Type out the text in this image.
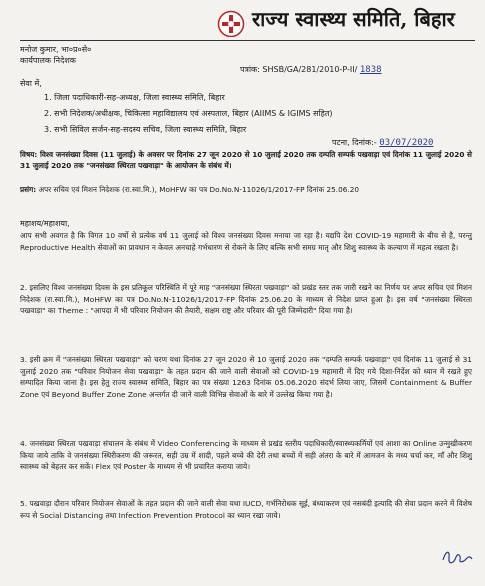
राज्य स्वास्थ्य समिति, बिहार
मनोज कुमार, भा०प्र०से०
कार्यपालक निदेशक
पत्रांक: SHSB/GA/281/2010-P-II/ 1838
सेवा में,
1. जिला पदाधिकारी-सह-अध्यक्ष, जिला स्वास्थ्य समिति, बिहार
2. सभी निदेशक/अधीक्षक, चिकित्सा महाविद्यालय एवं अस्पताल, बिहार (AIIMS & IGIMS सहित)
3. सभी सिविल सर्जन-सह-सदस्य सचिव, जिला स्वास्थ्य समिति, बिहार
पटना, दिनांक:- 03/07/2020
विषय: विश्व जनसंख्या दिवस (11 जुलाई) के अवसर पर दिनांक 27 जून 2020 से 10 जुलाई 2020 तक दम्पति सम्पर्क पखवाड़ा एवं दिनांक 11 जुलाई 2020 से 31 जुलाई 2020 तक "जनसंख्या स्थिरता पखवाड़ा" के आयोजन के संबंध में।
प्रसंग: अपर सचिव एवं मिशन निदेशक (रा.स्वा.मि.), MoHFW का पत्र Do.No.N-11026/1/2017-FP दिनांक 25.06.20
महाशय/महाशया,
आप सभी अवगत है कि विगत 10 वर्षो से प्रत्येक वर्ष 11 जुलाई को विश्व जनसंख्या दिवस मनाया जा रहा है। यद्यपि देश COVID-19 महामारी के बीच से है, परन्तु Reproductive Health सेवाओं का प्रावधान न केवल अनचाहे गर्भधारण से रोकने के लिए बल्कि सभी समग्र मातृ और शिशु स्वास्थ्य के कल्याण में महत्व रखता है।
2. इसलिए विश्व जनसंख्या दिवस के इस प्रतिकूल परिस्थिति में पूरे माह "जनसंख्या स्थिरता पखवाड़ा" को प्रखंड स्तर तक जारी रखने का निर्णय पर अपर सचिव एवं मिशन निदेशक (रा.स्वा.मि.), MoHFW का पत्र Do.No.N-11026/1/2017-FP दिनांक 25.06.20 के माध्यम से निदेश प्राप्त हुआ है। इस वर्ष "जनसंख्या स्थिरता पखवाड़ा" का Theme : "आपदा में भी परिवार नियोजन की तैयारी, सक्षम राष्ट्र और परिवार की पूरी जिम्मेदारी" दिया गया है।
3. इसी क्रम में "जनसंख्या स्थिरता पखवाड़ा" को चरण यथा दिनांक 27 जून 2020 से 10 जुलाई 2020 तक "दम्पति सम्पर्क पखवाड़ा" एवं दिनांक 11 जुलाई से 31 जुलाई 2020 तक "परिवार नियोजन सेवा पखवाड़ा" के तहत प्रदान की जाने वाली सेवाओं को COVID-19 महामारी में दिए गये दिशा-निर्देश को ध्यान में रखते हुए सम्पादित किया जाना है। इस हेतु राज्य स्वास्थ्य समिति, बिहार का पत्र संख्या 1263 दिनांक 05.06.2020 संदर्भ लिया जाए, जिसमें Containment & Buffer Zone एवं Beyond Buffer Zone Zone अन्तर्गत दी जाने वाली विभिन्न सेवाओं के बारे में उल्लेख किया गया है।
4. जनसंख्या स्थिरता पखवाड़ा संचालन के संबंध में Video Conferencing के माध्यम से प्रखंड स्तरीय पदाधिकारी/स्वास्थ्यकर्मियों एवं आशा का Online उन्मुखीकरण किया जाये ताकि वे जनसंख्या स्थिरीकरण की जरूरत, सही उम्र में शादी, पहले बच्चे की देरी तथा बच्चों में सही अंतरा के बारे में आमजन के मध्य चर्चा कर, माँ और शिशु स्वास्थ्य को बेहतर कर सकें। Flex एवं Poster के माध्यम से भी प्रचारित कराया जाये।
5. पखवाड़ा दौरान परिवार नियोजन सेवाओं के तहत प्रदान की जाने वाली सेवा यथा IUCD, गर्भनिरोधक सूई, बंध्याकरण एवं नसबंदी इत्यादि की सेवा प्रदान करने में विशेष रूप से Social Distancing तथा Infection Prevention Protocol का ध्यान रखा जाये।
